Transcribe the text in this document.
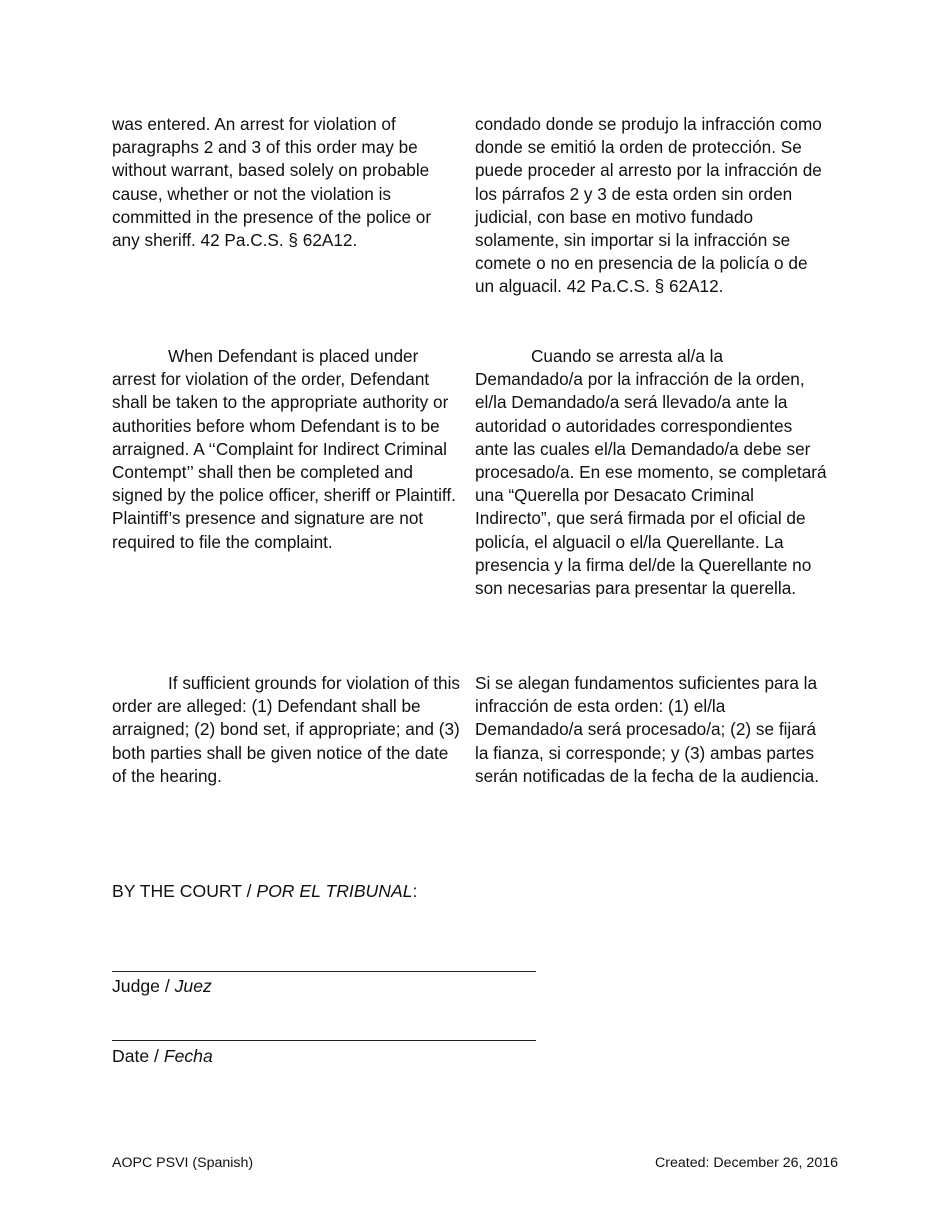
was entered. An arrest for violation of paragraphs 2 and 3 of this order may be without warrant, based solely on probable cause, whether or not the violation is committed in the presence of the police or any sheriff. 42 Pa.C.S. § 62A12.

condado donde se produjo la infracción como donde se emitió la orden de protección. Se puede proceder al arresto por la infracción de los párrafos 2 y 3 de esta orden sin orden judicial, con base en motivo fundado solamente, sin importar si la infracción se comete o no en presencia de la policía o de un alguacil. 42 Pa.C.S. § 62A12.

When Defendant is placed under arrest for violation of the order, Defendant shall be taken to the appropriate authority or authorities before whom Defendant is to be arraigned. A ‘‘Complaint for Indirect Criminal Contempt’’ shall then be completed and signed by the police officer, sheriff or Plaintiff. Plaintiff’s presence and signature are not required to file the complaint.

Cuando se arresta al/a la Demandado/a por la infracción de la orden, el/la Demandado/a será llevado/a ante la autoridad o autoridades correspondientes ante las cuales el/la Demandado/a debe ser procesado/a. En ese momento, se completará una “Querella por Desacato Criminal Indirecto”, que será firmada por el oficial de policía, el alguacil o el/la Querellante. La presencia y la firma del/de la Querellante no son necesarias para presentar la querella.

If sufficient grounds for violation of this order are alleged: (1) Defendant shall be arraigned; (2) bond set, if appropriate; and (3) both parties shall be given notice of the date of the hearing.

Si se alegan fundamentos suficientes para la infracción de esta orden: (1) el/la Demandado/a será procesado/a; (2) se fijará la fianza, si corresponde; y (3) ambas partes serán notificadas de la fecha de la audiencia.

BY THE COURT / POR EL TRIBUNAL:

Judge / Juez

Date / Fecha

AOPC PSVI (Spanish)	Created: December 26, 2016
